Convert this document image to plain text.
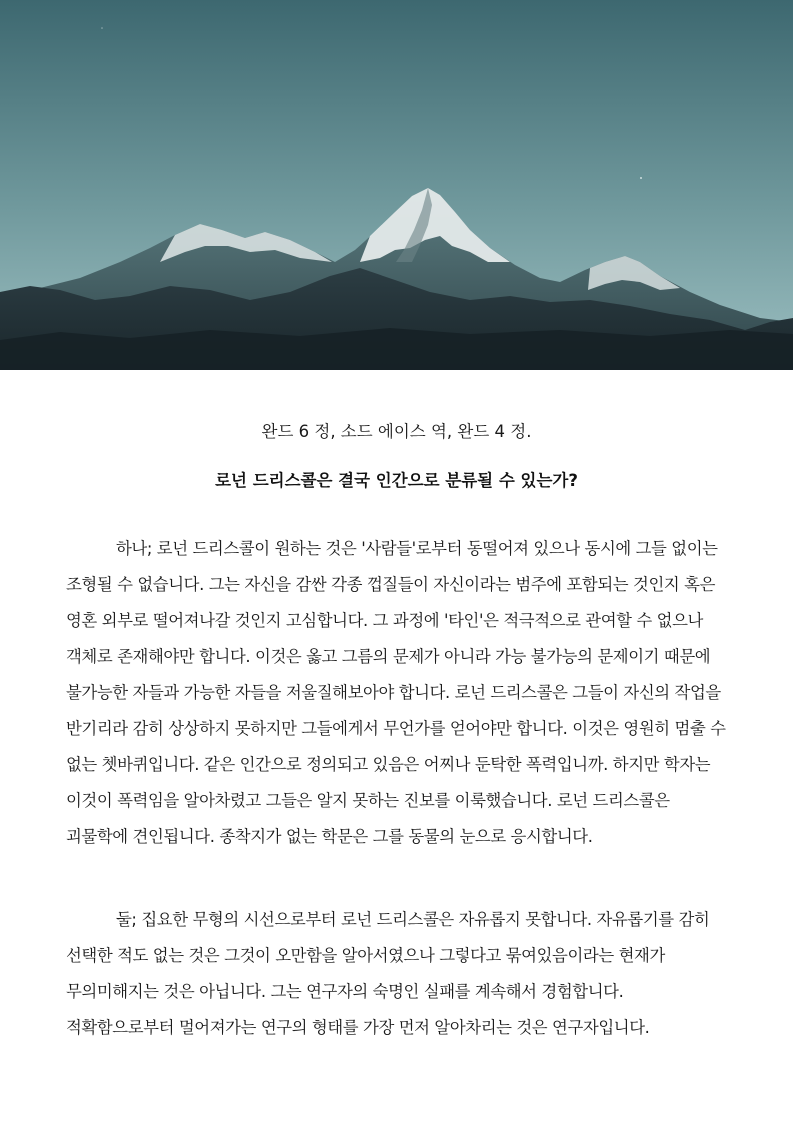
완드 6 정, 소드 에이스 역, 완드 4 정.

로넌 드리스콜은 결국 인간으로 분류될 수 있는가?

하나; 로넌 드리스콜이 원하는 것은 '사람들'로부터 동떨어져 있으나 동시에 그들 없이는 조형될 수 없습니다. 그는 자신을 감싼 각종 껍질들이 자신이라는 범주에 포함되는 것인지 혹은 영혼 외부로 떨어져나갈 것인지 고심합니다. 그 과정에 '타인'은 적극적으로 관여할 수 없으나 객체로 존재해야만 합니다. 이것은 옳고 그름의 문제가 아니라 가능 불가능의 문제이기 때문에 불가능한 자들과 가능한 자들을 저울질해보아야 합니다. 로넌 드리스콜은 그들이 자신의 작업을 반기리라 감히 상상하지 못하지만 그들에게서 무언가를 얻어야만 합니다. 이것은 영원히 멈출 수 없는 쳇바퀴입니다. 같은 인간으로 정의되고 있음은 어찌나 둔탁한 폭력입니까. 하지만 학자는 이것이 폭력임을 알아차렸고 그들은 알지 못하는 진보를 이룩했습니다. 로넌 드리스콜은 괴물학에 견인됩니다. 종착지가 없는 학문은 그를 동물의 눈으로 응시합니다.

둘; 집요한 무형의 시선으로부터 로넌 드리스콜은 자유롭지 못합니다. 자유롭기를 감히 선택한 적도 없는 것은 그것이 오만함을 알아서였으나 그렇다고 묶여있음이라는 현재가 무의미해지는 것은 아닙니다. 그는 연구자의 숙명인 실패를 계속해서 경험합니다. 적확함으로부터 멀어져가는 연구의 형태를 가장 먼저 알아차리는 것은 연구자입니다.
